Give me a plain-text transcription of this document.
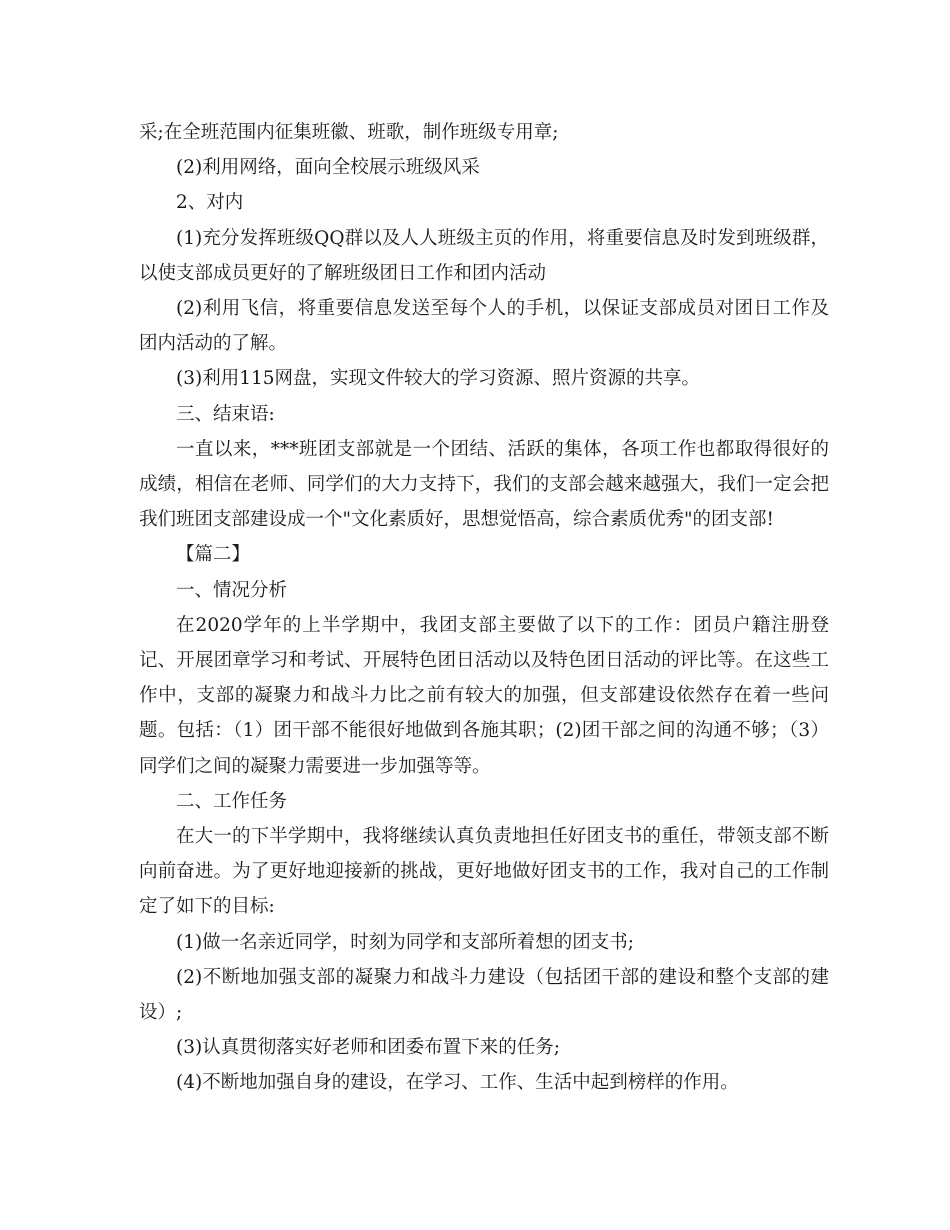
采;在全班范围内征集班徽、班歌，制作班级专用章;

(2)利用网络，面向全校展示班级风采

2、对内

(1)充分发挥班级QQ群以及人人班级主页的作用，将重要信息及时发到班级群，以使支部成员更好的了解班级团日工作和团内活动

(2)利用飞信，将重要信息发送至每个人的手机，以保证支部成员对团日工作及团内活动的了解。

(3)利用115网盘，实现文件较大的学习资源、照片资源的共享。

三、结束语:

一直以来，***班团支部就是一个团结、活跃的集体，各项工作也都取得很好的成绩，相信在老师、同学们的大力支持下，我们的支部会越来越强大，我们一定会把我们班团支部建设成一个"文化素质好，思想觉悟高，综合素质优秀"的团支部!

【篇二】

一、情况分析

在2020学年的上半学期中，我团支部主要做了以下的工作：团员户籍注册登记、开展团章学习和考试、开展特色团日活动以及特色团日活动的评比等。在这些工作中，支部的凝聚力和战斗力比之前有较大的加强，但支部建设依然存在着一些问题。包括：（1）团干部不能很好地做到各施其职；(2)团干部之间的沟通不够；（3）同学们之间的凝聚力需要进一步加强等等。

二、工作任务

在大一的下半学期中，我将继续认真负责地担任好团支书的重任，带领支部不断向前奋进。为了更好地迎接新的挑战，更好地做好团支书的工作，我对自己的工作制定了如下的目标:

(1)做一名亲近同学，时刻为同学和支部所着想的团支书;

(2)不断地加强支部的凝聚力和战斗力建设（包括团干部的建设和整个支部的建设）;

(3)认真贯彻落实好老师和团委布置下来的任务;

(4)不断地加强自身的建设，在学习、工作、生活中起到榜样的作用。
